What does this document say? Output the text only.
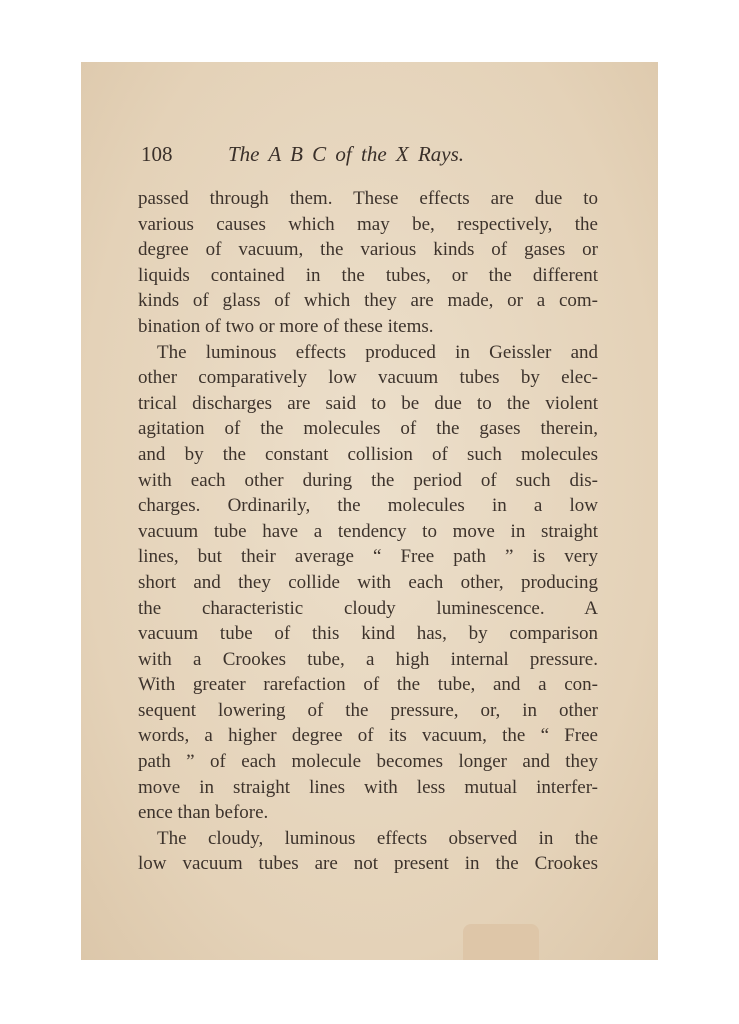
108	The A B C of the X Rays.
passed through them. These effects are due to
various causes which may be, respectively, the
degree of vacuum, the various kinds of gases or
liquids contained in the tubes, or the different
kinds of glass of which they are made, or a com-
bination of two or more of these items.
The luminous effects produced in Geissler and
other comparatively low vacuum tubes by elec-
trical discharges are said to be due to the violent
agitation of the molecules of the gases therein,
and by the constant collision of such molecules
with each other during the period of such dis-
charges. Ordinarily, the molecules in a low
vacuum tube have a tendency to move in straight
lines, but their average “ Free path ” is very
short and they collide with each other, producing
the characteristic cloudy luminescence. A
vacuum tube of this kind has, by comparison
with a Crookes tube, a high internal pressure.
With greater rarefaction of the tube, and a con-
sequent lowering of the pressure, or, in other
words, a higher degree of its vacuum, the “ Free
path ” of each molecule becomes longer and they
move in straight lines with less mutual interfer-
ence than before.
The cloudy, luminous effects observed in the
low vacuum tubes are not present in the Crookes
